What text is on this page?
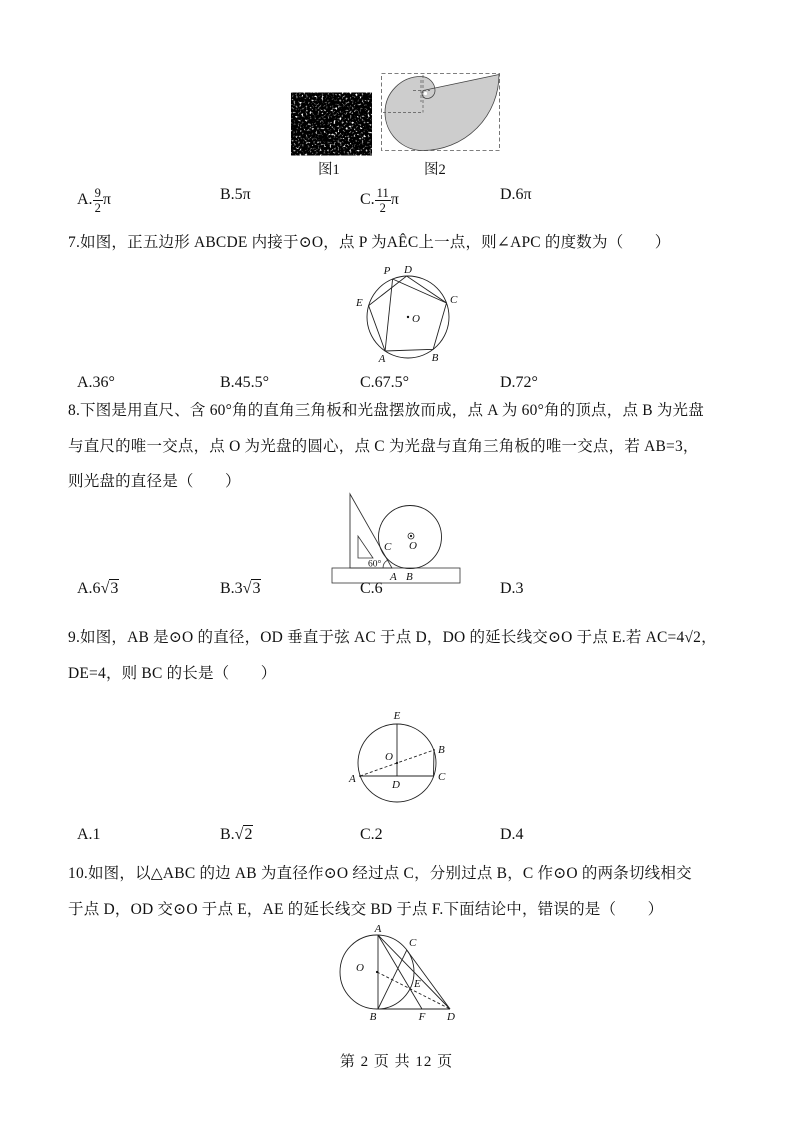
图1	图2
A. $\frac{9}{2}$ π	B.5π	C. $\frac{11}{2}$ π	D.6π
7.如图，正五边形 ABCDE 内接于⊙O，点 P 为AÊC上一点，则∠APC 的度数为（　　）
P D
C
E
A	B
O
A.36°	B.45.5°	C.67.5°	D.72°
8.下图是用直尺、含 60°角的直角三角板和光盘摆放而成，点 A 为 60°角的顶点，点 B 为光盘
与直尺的唯一交点，点 O 为光盘的圆心，点 C 为光盘与直角三角板的唯一交点，若 AB=3，
则光盘的直径是（　　）
60°
C O
A B
A.6√3	B.3√3	C.6	D.3
9.如图，AB 是⊙O 的直径，OD 垂直于弦 AC 于点 D，DO 的延长线交⊙O 于点 E.若 AC=4√2，
DE=4，则 BC 的长是（　　）
E
O
B
C
A	D
A.1	B.√2	C.2	D.4
10.如图，以△ABC 的边 AB 为直径作⊙O 经过点 C，分别过点 B，C 作⊙O 的两条切线相交
于点 D，OD 交⊙O 于点 E，AE 的延长线交 BD 于点 F.下面结论中，错误的是（　　）
A
O
C
E
B	F D
第 2 页 共 12 页
